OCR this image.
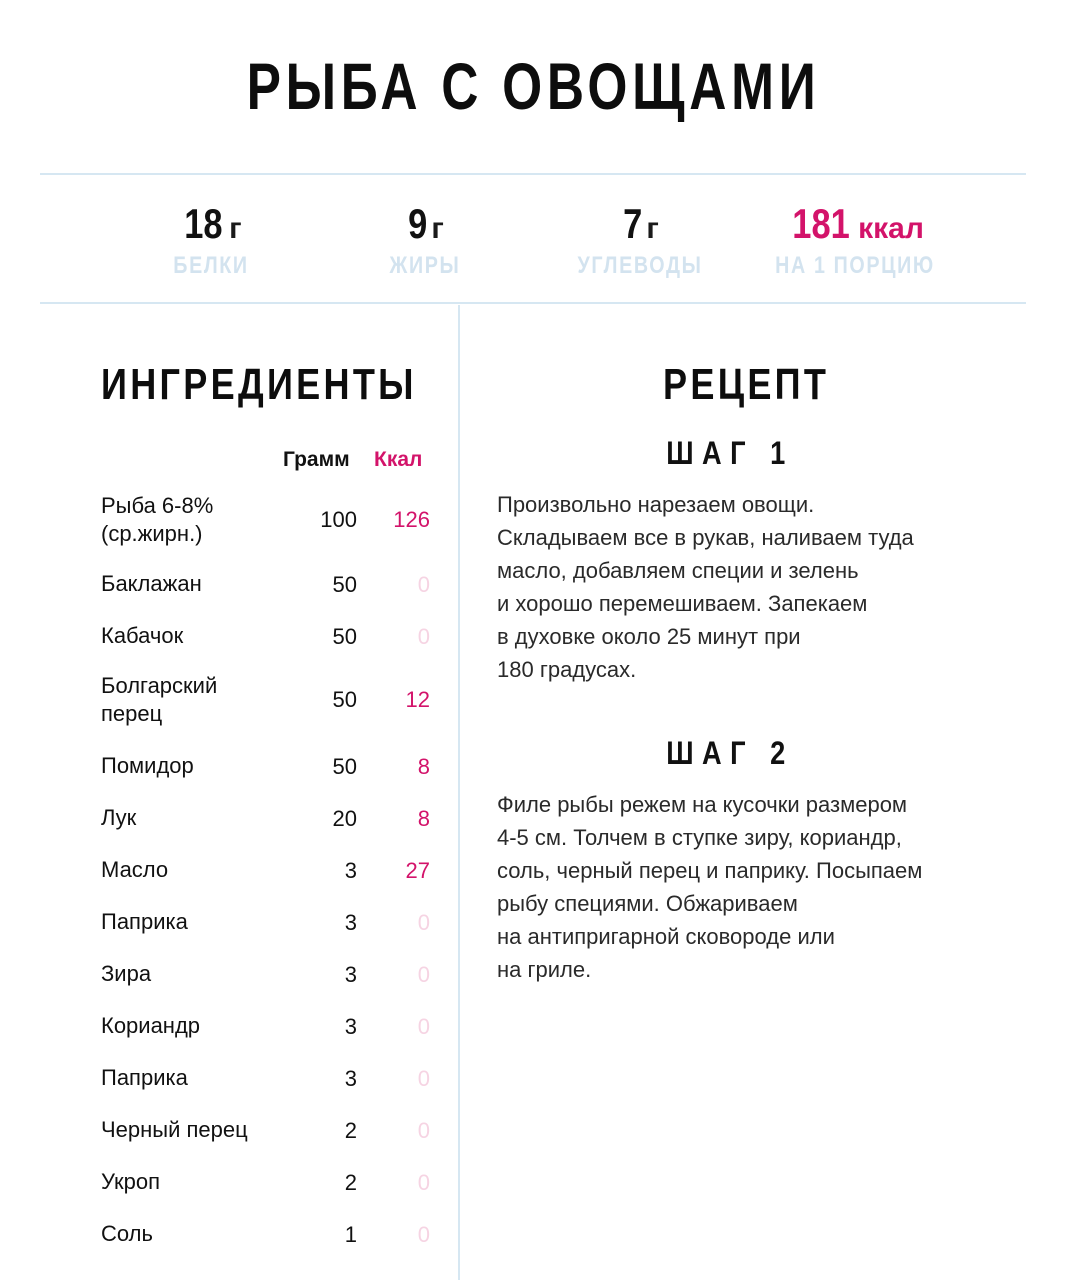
РЫБА С ОВОЩАМИ
18 г
БЕЛКИ
9 г
ЖИРЫ
7 г
УГЛЕВОДЫ
181 ккал
НА 1 ПОРЦИЮ
ИНГРЕДИЕНТЫ
Грамм Ккал
Рыба 6-8%
(ср.жирн.)
100 126
Баклажан	50	0
Кабачок	50	0
Болгарский
перец
50 12
Помидор	50	8
Лук	20	8
Масло	3 27
Паприка	3	0
Зира	3	0
Кориандр	3	0
Паприка	3	0
Черный перец	2	0
Укроп	2	0
Соль	1	0
РЕЦЕПТ
ШАГ 1
Произвольно нарезаем овощи.
Складываем все в рукав, наливаем туда
масло, добавляем специи и зелень
и хорошо перемешиваем. Запекаем
в духовке около 25 минут при
180 градусах.
ШАГ 2
Филе рыбы режем на кусочки размером
4-5 см. Толчем в ступке зиру, кориандр,
соль, черный перец и паприку. Посыпаем
рыбу специями. Обжариваем
на антипригарной сковороде или
на гриле.
